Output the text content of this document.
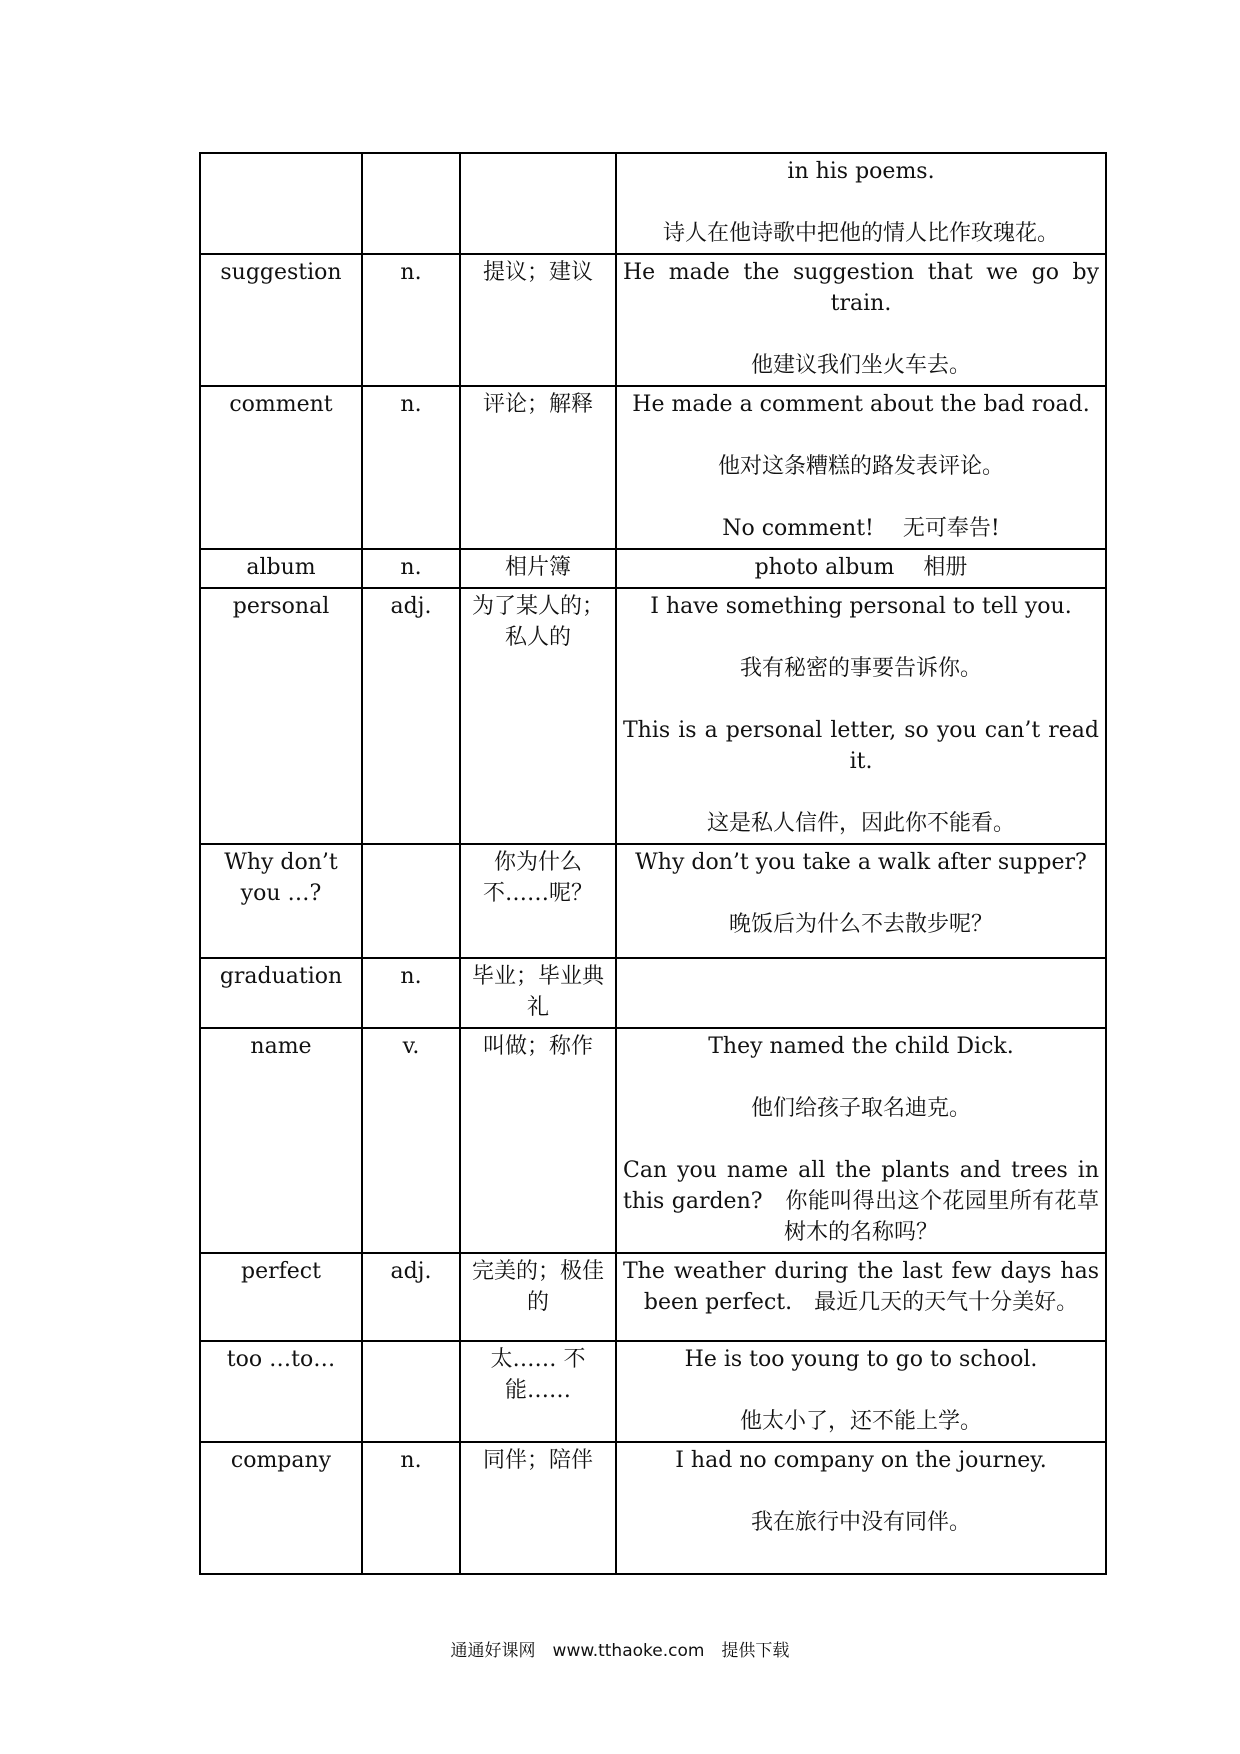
			in his poems.
诗人在他诗歌中把他的情人比作玫瑰花。

suggestion	n.	提议；建议	He made the suggestion that we go by train.
他建议我们坐火车去。

comment	n.	评论；解释	He made a comment about the bad road.
他对这条糟糕的路发表评论。
No comment!　 无可奉告!

album	n.	相片簿	photo album　 相册

personal	adj.	为了某人的；私人的	I have something personal to tell you.
我有秘密的事要告诉你。
This is a personal letter, so you can’t read it.
这是私人信件，因此你不能看。

Why don’t you …?		你为什么不……呢？	Why don’t you take a walk after supper?
晚饭后为什么不去散步呢？

graduation	n.	毕业；毕业典礼	
name	v.	叫做；称作	They named the child Dick.
他们给孩子取名迪克。
Can you name all the plants and trees in this garden?　你能叫得出这个花园里所有花草树木的名称吗？

perfect	adj.	完美的；极佳的	The weather during the last few days has been perfect.　最近几天的天气十分美好。

too …to…		太…… 不能……	He is too young to go to school.
他太小了，还不能上学。

company	n.	同伴；陪伴	I had no company on the journey.
我在旅行中没有同伴。
通通好课网　www.tthaoke.com　提供下载
